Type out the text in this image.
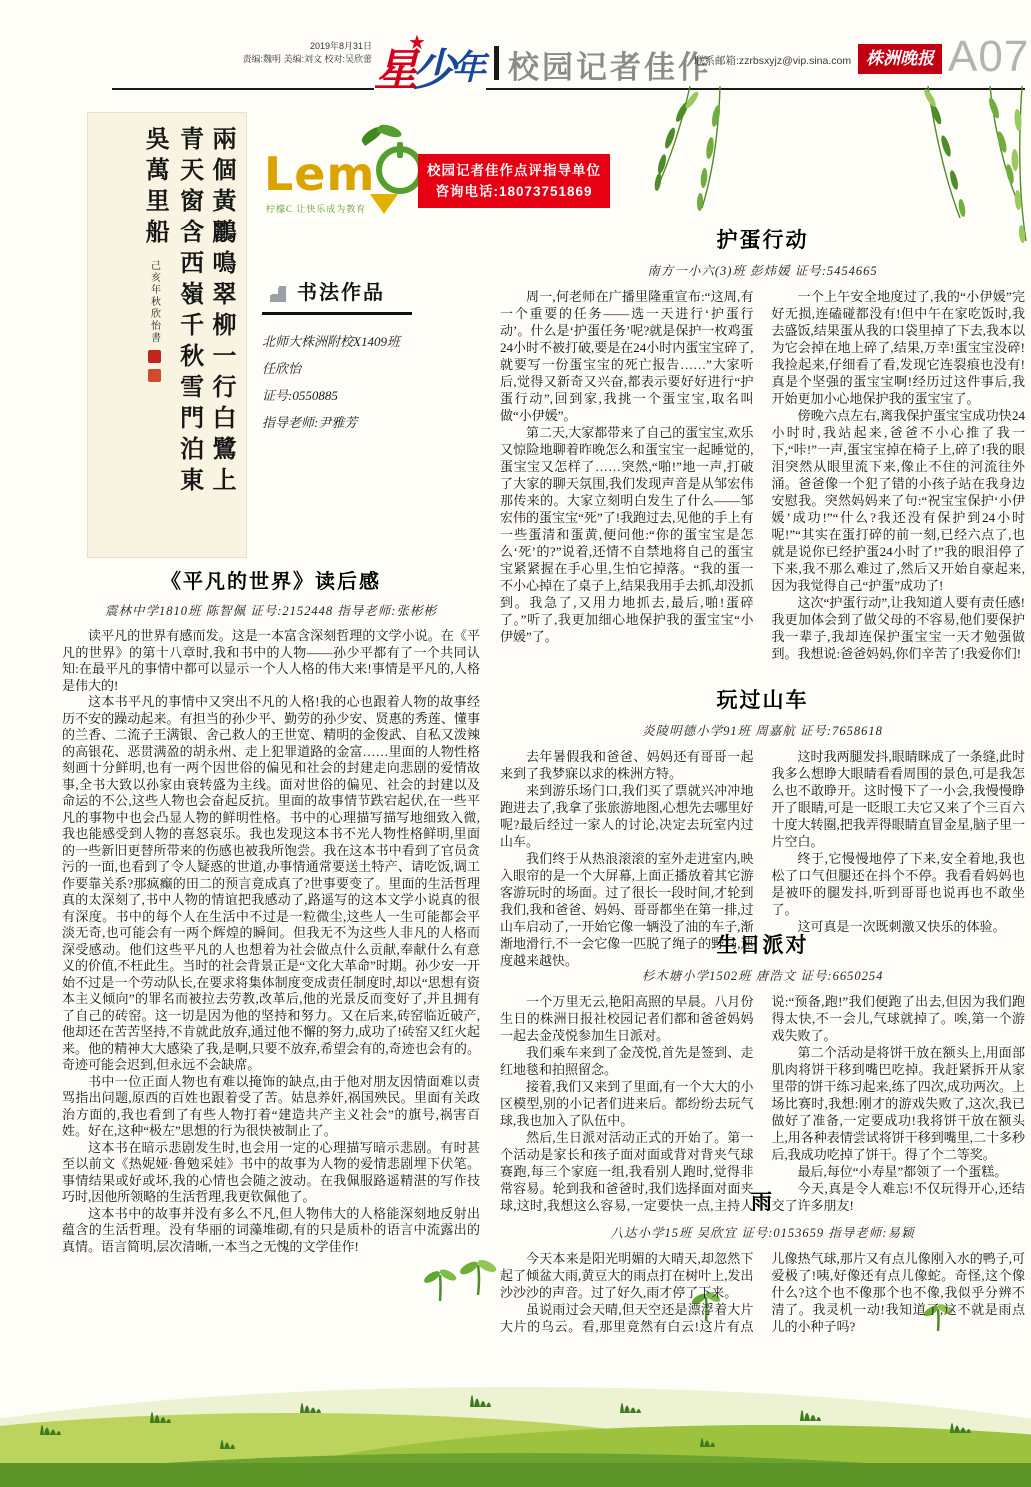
2019年8月31日
责编:魏明 美编:刘文 校对:吴欣蕾
★
星少年 校园记者佳作
联系邮箱:zzrbsxyjz@vip.sina.com 株洲晚报 A07
兩個黃鸝鳴翠柳一行白鷺上
青天窗含西嶺千秋雪門泊東
吳萬里船
己亥年秋欣怡書
Lem
柠檬C 让快乐成为教育
校园记者佳作点评指导单位
咨询电话:18073751869
书法作品
北师大株洲附校X1409班
任欣怡
证号:0550885
指导老师:尹雅芳
《平凡的世界》读后感
震林中学1810班 陈智佩 证号:2152448 指导老师:张彬彬

读平凡的世界有感而发。这是一本富含深刻哲理的文学小说。在《平凡的世界》的第十八章时,我和书中的人物——孙少平都有了一个共同认知:在最平凡的事情中都可以显示一个人人格的伟大来!事情是平凡的,人格是伟大的!

这本书平凡的事情中又突出不凡的人格!我的心也跟着人物的故事经历不安的躁动起来。有担当的孙少平、勤劳的孙少安、贤惠的秀莲、懂事的兰香、二流子王满银、舍己救人的王世宽、精明的金俊武、自私又泼辣的高银花、恶贯满盈的胡永州、走上犯罪道路的金富……里面的人物性格刻画十分鲜明,也有一两个因世俗的偏见和社会的封建走向悲剧的爱情故事,全书大致以孙家由衰转盛为主线。面对世俗的偏见、社会的封建以及命运的不公,这些人物也会奋起反抗。里面的故事情节跌宕起伏,在一些平凡的事物中也会凸显人物的鲜明性格。书中的心理描写描写地细致入微,我也能感受到人物的喜怒哀乐。我也发现这本书不光人物性格鲜明,里面的一些新旧更替所带来的伤感也被我所饱尝。我在这本书中看到了官员贪污的一面,也看到了令人疑惑的世道,办事情通常要送土特产、请吃饭,调工作要靠关系?那疯癫的田二的预言竟成真了?世事要变了。里面的生活哲理真的太深刻了,书中人物的情谊把我感动了,路遥写的这本文学小说真的很有深度。书中的每个人在生活中不过是一粒微尘,这些人一生可能都会平淡无奇,也可能会有一两个辉煌的瞬间。但我无不为这些人非凡的人格而深受感动。他们这些平凡的人也想着为社会做点什么贡献,奉献什么有意义的价值,不枉此生。当时的社会背景正是“文化大革命”时期。孙少安一开始不过是一个劳动队长,在要求将集体制度变成责任制度时,却以“思想有资本主义倾向”的罪名而被拉去劳教,改革后,他的光景反而变好了,并且拥有了自己的砖窑。这一切是因为他的坚持和努力。又在后来,砖窑临近破产,他却还在苦苦坚持,不肯就此放弃,通过他不懈的努力,成功了!砖窑又红火起来。他的精神大大感染了我,是啊,只要不放弃,希望会有的,奇迹也会有的。奇迹可能会迟到,但永远不会缺席。

书中一位正面人物也有难以掩饰的缺点,由于他对朋友因情面难以责骂指出问题,原西的百姓也跟着受了苦。姑息养奸,祸国殃民。里面有关政治方面的,我也看到了有些人物打着“建造共产主义社会”的旗号,祸害百姓。好在,这种“极左”思想的行为很快被制止了。

这本书在暗示悲剧发生时,也会用一定的心理描写暗示悲剧。有时甚至以前文《热妮娅·鲁勉采娃》书中的故事为人物的爱情悲剧埋下伏笔。事情结果或好或坏,我的心情也会随之波动。在我佩服路遥精湛的写作技巧时,因他所领略的生活哲理,我更钦佩他了。

这本书中的故事并没有多么不凡,但人物伟大的人格能深刻地反射出蕴含的生活哲理。没有华丽的词藻堆砌,有的只是质朴的语言中流露出的真情。语言简明,层次清晰,一本当之无愧的文学佳作!

护蛋行动
南方一小六(3)班 彭炜媛 证号:5454665

周一,何老师在广播里隆重宣布:“这周,有一个重要的任务——选一天进行‘护蛋行动’。什么是‘护蛋任务’呢?就是保护一枚鸡蛋24小时不被打破,要是在24小时内蛋宝宝碎了,就要写一份蛋宝宝的死亡报告……”大家听后,觉得又新奇又兴奋,都表示要好好进行“护蛋行动”,回到家,我挑一个蛋宝宝,取名叫做“小伊媛”。

第二天,大家都带来了自己的蛋宝宝,欢乐又惊险地聊着昨晚怎么和蛋宝宝一起睡觉的,蛋宝宝又怎样了……突然,“啪!”地一声,打破了大家的聊天氛围,我们发现声音是从邹宏伟那传来的。大家立刻明白发生了什么——邹宏伟的蛋宝宝“死”了!我跑过去,见他的手上有一些蛋清和蛋黄,便问他:“你的蛋宝宝是怎么‘死’的?”说着,还情不自禁地将自己的蛋宝宝紧紧握在手心里,生怕它掉落。“我的蛋一不小心掉在了桌子上,结果我用手去抓,却没抓到。我急了,又用力地抓去,最后,啪!蛋碎了。”听了,我更加细心地保护我的蛋宝宝“小伊媛”了。

一个上午安全地度过了,我的“小伊媛”完好无损,连磕碰都没有!但中午在家吃饭时,我去盛饭,结果蛋从我的口袋里掉了下去,我本以为它会掉在地上碎了,结果,万幸!蛋宝宝没碎!我捡起来,仔细看了看,发现它连裂痕也没有!真是个坚强的蛋宝宝啊!经历过这件事后,我开始更加小心地保护我的蛋宝宝了。

傍晚六点左右,离我保护蛋宝宝成功快24小时时,我站起来,爸爸不小心推了我一下,“咔!”一声,蛋宝宝掉在椅子上,碎了!我的眼泪突然从眼里流下来,像止不住的河流往外涌。爸爸像一个犯了错的小孩子站在我身边安慰我。突然妈妈来了句:“祝宝宝保护‘小伊媛’成功!”“什么?我还没有保护到24小时呢!”“其实在蛋打碎的前一刻,已经六点了,也就是说你已经护蛋24小时了!”我的眼泪停了下来,我不那么难过了,然后又开始自豪起来,因为我觉得自己“护蛋”成功了!

这次“护蛋行动”,让我知道人要有责任感!我更加体会到了做父母的不容易,他们要保护我一辈子,我却连保护蛋宝宝一天才勉强做到。我想说:爸爸妈妈,你们辛苦了!我爱你们!

玩过山车
炎陵明德小学91班 周嘉航 证号:7658618

去年暑假我和爸爸、妈妈还有哥哥一起来到了我梦寐以求的株洲方特。

来到游乐场门口,我们买了票就兴冲冲地跑进去了,我拿了张旅游地图,心想先去哪里好呢?最后经过一家人的讨论,决定去玩室内过山车。

我们终于从热浪滚滚的室外走进室内,映入眼帘的是一个大屏幕,上面正播放着其它游客游玩时的场面。过了很长一段时间,才轮到我们,我和爸爸、妈妈、哥哥都坐在第一排,过山车启动了,一开始它像一辆没了油的车子,渐渐地滑行,不一会它像一匹脱了绳子的野马,速度越来越快。

这时我两腿发抖,眼睛眯成了一条缝,此时我多么想睁大眼睛看看周围的景色,可是我怎么也不敢睁开。这时慢下了一小会,我慢慢睁开了眼睛,可是一眨眼工夫它又来了个三百六十度大转圈,把我弄得眼睛直冒金星,脑子里一片空白。

终于,它慢慢地停了下来,安全着地,我也松了口气但腿还在抖个不停。我看看妈妈也是被吓的腿发抖,听到哥哥也说再也不敢坐了。

这可真是一次既刺激又快乐的体验。

生日派对
杉木塘小学1502班 唐浩文 证号:6650254

一个万里无云,艳阳高照的早晨。八月份生日的株洲日报社校园记者们都和爸爸妈妈一起去金茂悦参加生日派对。

我们乘车来到了金茂悦,首先是签到、走红地毯和拍照留念。

接着,我们又来到了里面,有一个大大的小区模型,别的小记者们进来后。都纷纷去玩气球,我也加入了队伍中。

然后,生日派对活动正式的开始了。第一个活动是家长和孩子面对面或背对背夹气球赛跑,每三个家庭一组,我看别人跑时,觉得非常容易。轮到我和爸爸时,我们选择面对面夹球,这时,我想这么容易,一定要快一点,主持人说:“预备,跑!”我们便跑了出去,但因为我们跑得太快,不一会儿,气球就掉了。唉,第一个游戏失败了。

第二个活动是将饼干放在额头上,用面部肌肉将饼干移到嘴巴吃掉。我赶紧拆开从家里带的饼干练习起来,练了四次,成功两次。上场比赛时,我想:刚才的游戏失败了,这次,我已做好了准备,一定要成功!我将饼干放在额头上,用各种表情尝试将饼干移到嘴里,二十多秒后,我成功吃掉了饼干。得了个二等奖。

最后,每位“小寿星”都领了一个蛋糕。

今天,真是令人难忘!不仅玩得开心,还结交了许多朋友!

雨
八达小学15班 吴欣宜 证号:0153659 指导老师:易颖

今天本来是阳光明媚的大晴天,却忽然下起了倾盆大雨,黄豆大的雨点打在树叶上,发出沙沙沙的声音。过了好久,雨才停了下来。

虽说雨过会天晴,但天空还是漂浮着大片大片的乌云。看,那里竟然有白云!这片有点儿像热气球,那片又有点儿像刚入水的鸭子,可爱极了!咦,好像还有点儿像蛇。奇怪,这个像什么?这个也不像那个也不像,我似乎分辨不清了。我灵机一动!我知道了,这不就是雨点儿的小种子吗?
